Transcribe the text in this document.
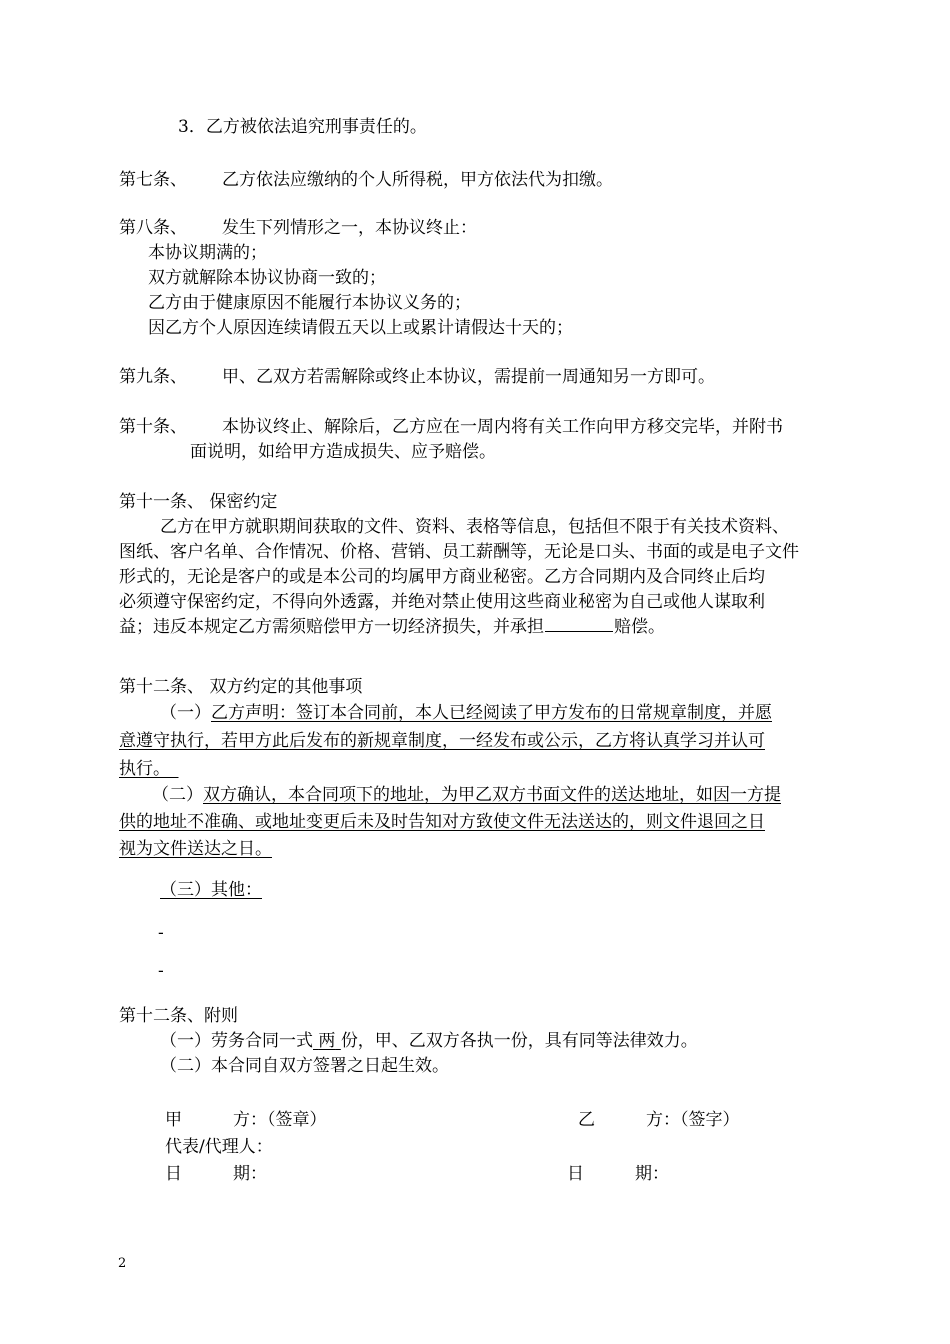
3．乙方被依法追究刑事责任的。
第七条、 乙方依法应缴纳的个人所得税，甲方依法代为扣缴。
第八条、 发生下列情形之一，本协议终止：
本协议期满的；
双方就解除本协议协商一致的；
乙方由于健康原因不能履行本协议义务的；
因乙方个人原因连续请假五天以上或累计请假达十天的；
第九条、 甲、乙双方若需解除或终止本协议，需提前一周通知另一方即可。
第十条、 本协议终止、解除后，乙方应在一周内将有关工作向甲方移交完毕，并附书
面说明，如给甲方造成损失、应予赔偿。
第十一条、 保密约定
乙方在甲方就职期间获取的文件、资料、表格等信息，包括但不限于有关技术资料、
图纸、客户名单、合作情况、价格、营销、员工薪酬等，无论是口头、书面的或是电子文件
形式的，无论是客户的或是本公司的均属甲方商业秘密。乙方合同期内及合同终止后均
必须遵守保密约定，不得向外透露，并绝对禁止使用这些商业秘密为自己或他人谋取利
益；违反本规定乙方需须赔偿甲方一切经济损失，并承担	赔偿。
第十二条、 双方约定的其他事项
（一）乙方声明：签订本合同前，本人已经阅读了甲方发布的日常规章制度，并愿
意遵守执行，若甲方此后发布的新规章制度，一经发布或公示，乙方将认真学习并认可
执行。　
（二）双方确认，本合同项下的地址，为甲乙双方书面文件的送达地址，如因一方提
供的地址不准确、或地址变更后未及时告知对方致使文件无法送达的，则文件退回之日
视为文件送达之日。
（三）其他：
-
-
第十二条、附则
（一）劳务合同一式 两 份，甲、乙双方各执一份，具有同等法律效力。
（二）本合同自双方签署之日起生效。
甲　　　方：（签章）	乙　　　方：（签字）
代表/代理人：
日　　　期：	日　　　期：
2
